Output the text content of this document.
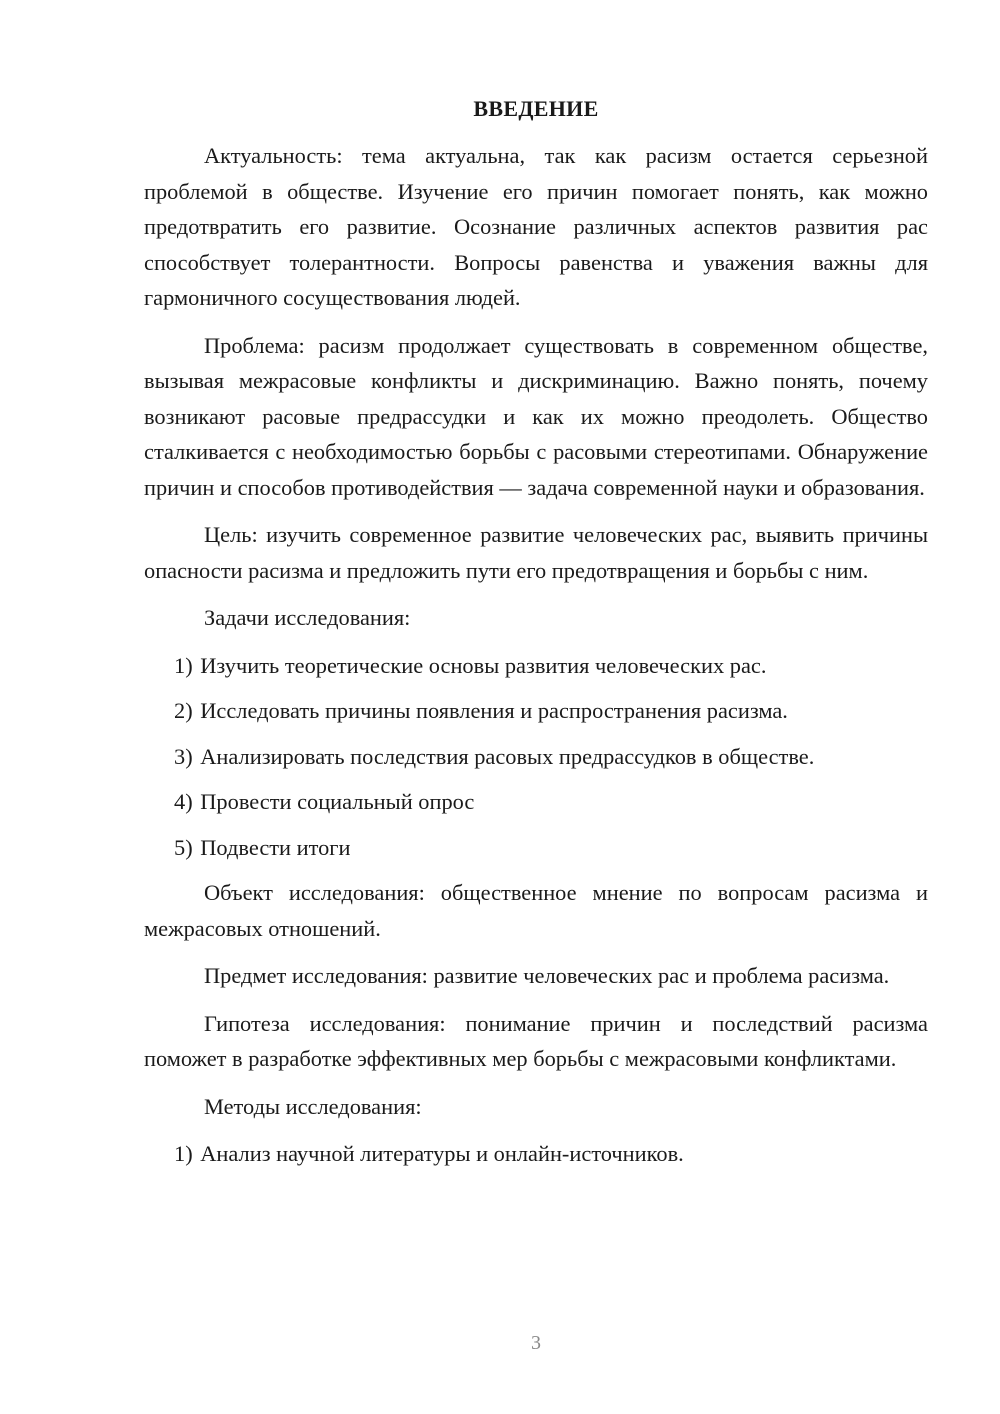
ВВЕДЕНИЕ

Актуальность: тема актуальна, так как расизм остается серьезной проблемой в обществе. Изучение его причин помогает понять, как можно предотвратить его развитие. Осознание различных аспектов развития рас способствует толерантности. Вопросы равенства и уважения важны для гармоничного сосуществования людей.

Проблема: расизм продолжает существовать в современном обществе, вызывая межрасовые конфликты и дискриминацию. Важно понять, почему возникают расовые предрассудки и как их можно преодолеть. Общество сталкивается с необходимостью борьбы с расовыми стереотипами. Обнаружение причин и способов противодействия — задача современной науки и образования.

Цель: изучить современное развитие человеческих рас, выявить причины опасности расизма и предложить пути его предотвращения и борьбы с ним.

Задачи исследования:

1) Изучить теоретические основы развития человеческих рас.
2) Исследовать причины появления и распространения расизма.
3) Анализировать последствия расовых предрассудков в обществе.
4) Провести социальный опрос
5) Подвести итоги

Объект исследования: общественное мнение по вопросам расизма и межрасовых отношений.

Предмет исследования: развитие человеческих рас и проблема расизма.

Гипотеза исследования: понимание причин и последствий расизма поможет в разработке эффективных мер борьбы с межрасовыми конфликтами.

Методы исследования:

1) Анализ научной литературы и онлайн-источников.
3
